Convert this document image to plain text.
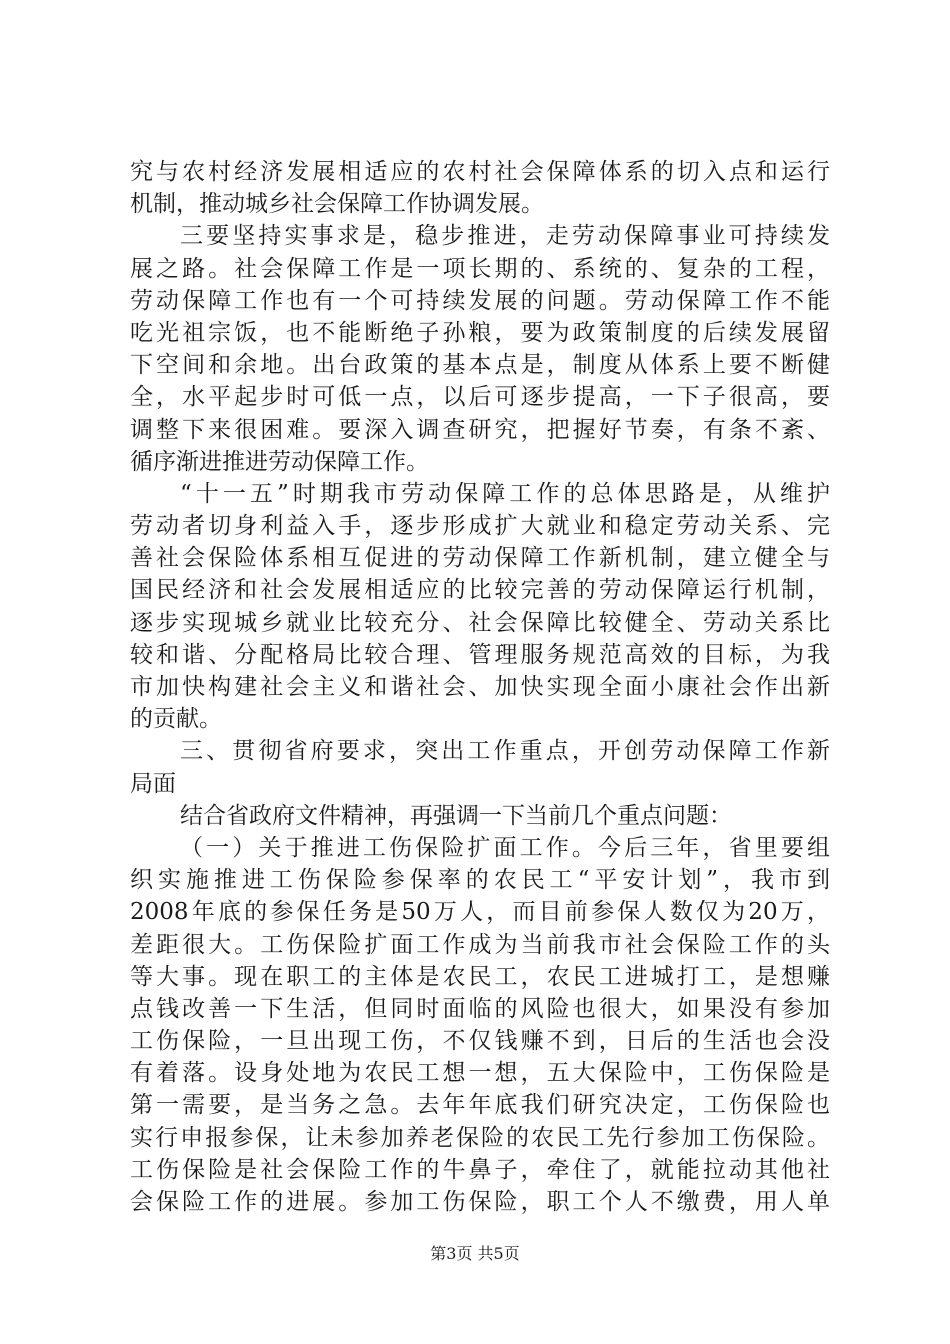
究与农村经济发展相适应的农村社会保障体系的切入点和运行
机制，推动城乡社会保障工作协调发展。
三要坚持实事求是，稳步推进，走劳动保障事业可持续发
展之路。社会保障工作是一项长期的、系统的、复杂的工程，
劳动保障工作也有一个可持续发展的问题。劳动保障工作不能
吃光祖宗饭，也不能断绝子孙粮，要为政策制度的后续发展留
下空间和余地。出台政策的基本点是，制度从体系上要不断健
全，水平起步时可低一点，以后可逐步提高，一下子很高，要
调整下来很困难。要深入调查研究，把握好节奏，有条不紊、
循序渐进推进劳动保障工作。
“十一五”时期我市劳动保障工作的总体思路是，从维护
劳动者切身利益入手，逐步形成扩大就业和稳定劳动关系、完
善社会保险体系相互促进的劳动保障工作新机制，建立健全与
国民经济和社会发展相适应的比较完善的劳动保障运行机制，
逐步实现城乡就业比较充分、社会保障比较健全、劳动关系比
较和谐、分配格局比较合理、管理服务规范高效的目标，为我
市加快构建社会主义和谐社会、加快实现全面小康社会作出新
的贡献。
三、贯彻省府要求，突出工作重点，开创劳动保障工作新
局面
结合省政府文件精神，再强调一下当前几个重点问题：
（一）关于推进工伤保险扩面工作。今后三年，省里要组
织实施推进工伤保险参保率的农民工“平安计划”，我市到
2008年底的参保任务是50万人，而目前参保人数仅为20万，
差距很大。工伤保险扩面工作成为当前我市社会保险工作的头
等大事。现在职工的主体是农民工，农民工进城打工，是想赚
点钱改善一下生活，但同时面临的风险也很大，如果没有参加
工伤保险，一旦出现工伤，不仅钱赚不到，日后的生活也会没
有着落。设身处地为农民工想一想，五大保险中，工伤保险是
第一需要，是当务之急。去年年底我们研究决定，工伤保险也
实行申报参保，让未参加养老保险的农民工先行参加工伤保险。
工伤保险是社会保险工作的牛鼻子，牵住了，就能拉动其他社
会保险工作的进展。参加工伤保险，职工个人不缴费，用人单
第3页 共5页
